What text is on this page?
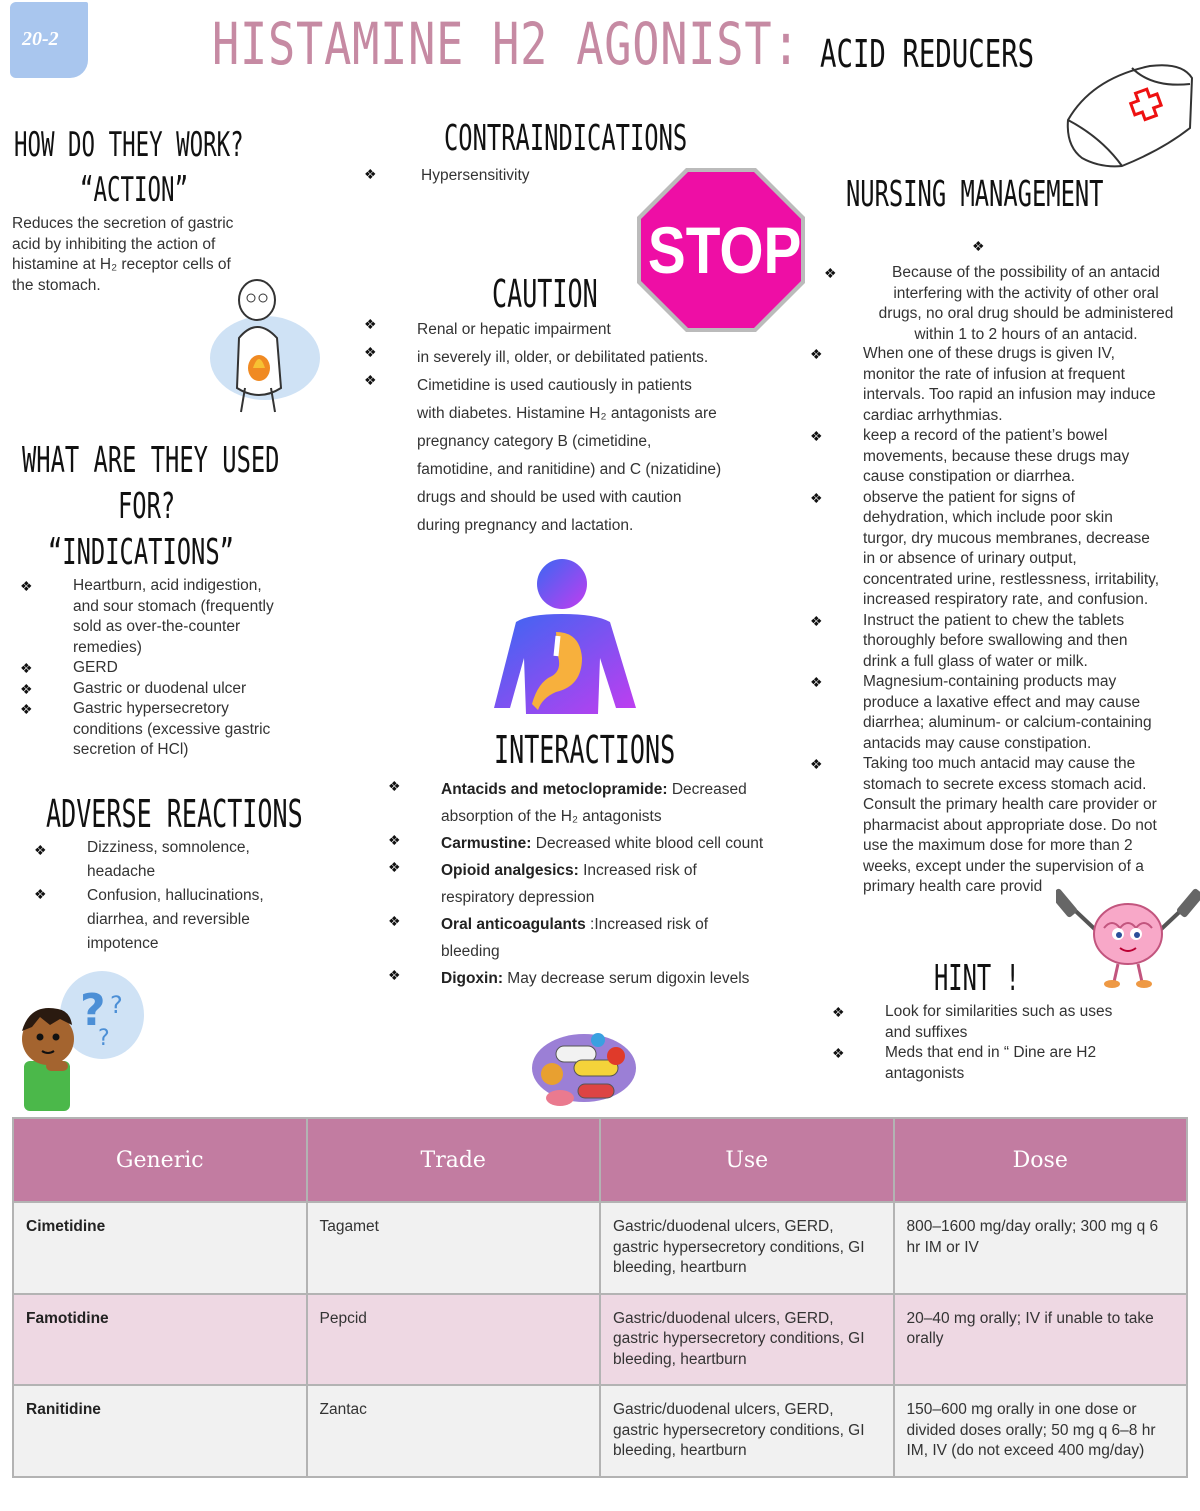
20-2	HISTAMINE H2 AGONIST: ACID REDUCERS
HOW DO THEY WORK?
“ACTION”
Reduces the secretion of gastric
acid by inhibiting the action of
histamine at H₂ receptor cells of
the stomach.
WHAT ARE THEY USED
FOR?
“INDICATIONS”
❖	Heartburn, acid indigestion,
and sour stomach (frequently
sold as over-the-counter
remedies)
❖	GERD
❖	Gastric or duodenal ulcer
❖	Gastric hypersecretory
conditions (excessive gastric
secretion of HCl)
ADVERSE REACTIONS
❖	Dizziness, somnolence,
headache
❖	Confusion, hallucinations,
diarrhea, and reversible
impotence
? ?
?
CONTRAINDICATIONS
❖	Hypersensitivity
STOP
CAUTION
❖	Renal or hepatic impairment
❖	in severely ill, older, or debilitated patients.
❖	Cimetidine is used cautiously in patients
with diabetes. Histamine H₂ antagonists are
pregnancy category B (cimetidine,
famotidine, and ranitidine) and C (nizatidine)
drugs and should be used with caution
during pregnancy and lactation.
INTERACTIONS
❖	Antacids and metoclopramide: Decreased
absorption of the H₂ antagonists
❖	Carmustine: Decreased white blood cell count
❖	Opioid analgesics: Increased risk of
respiratory depression
❖	Oral anticoagulants :Increased risk of
bleeding
❖	Digoxin: May decrease serum digoxin levels
NURSING MANAGEMENT
❖
❖	Because of the possibility of an antacid
interfering with the activity of other oral
drugs, no oral drug should be administered
within 1 to 2 hours of an antacid.
❖	When one of these drugs is given IV,
monitor the rate of infusion at frequent
intervals. Too rapid an infusion may induce
cardiac arrhythmias.
❖	keep a record of the patient’s bowel
movements, because these drugs may
cause constipation or diarrhea.
❖	observe the patient for signs of
dehydration, which include poor skin
turgor, dry mucous membranes, decrease
in or absence of urinary output,
concentrated urine, restlessness, irritability,
increased respiratory rate, and confusion.
❖	Instruct the patient to chew the tablets
thoroughly before swallowing and then
drink a full glass of water or milk.
❖	Magnesium-containing products may
produce a laxative effect and may cause
diarrhea; aluminum- or calcium-containing
antacids may cause constipation.
❖	Taking too much antacid may cause the
stomach to secrete excess stomach acid.
Consult the primary health care provider or
pharmacist about appropriate dose. Do not
use the maximum dose for more than 2
weeks, except under the supervision of a
primary health care provid
HINT !
❖	Look for similarities such as uses
and suffixes
❖	Meds that end in “ Dine are H2
antagonists
Generic	Trade	Use	Dose
Cimetidine	Tagamet	Gastric/duodenal ulcers, GERD, gastric hypersecretory conditions, GI bleeding, heartburn	800–1600 mg/day orally; 300 mg q 6 hr IM or IV
Famotidine	Pepcid	Gastric/duodenal ulcers, GERD, gastric hypersecretory conditions, GI bleeding, heartburn	20–40 mg orally; IV if unable to take orally
Ranitidine	Zantac	Gastric/duodenal ulcers, GERD, gastric hypersecretory conditions, GI bleeding, heartburn	150–600 mg orally in one dose or divided doses orally; 50 mg q 6–8 hr IM, IV (do not exceed 400 mg/day)
